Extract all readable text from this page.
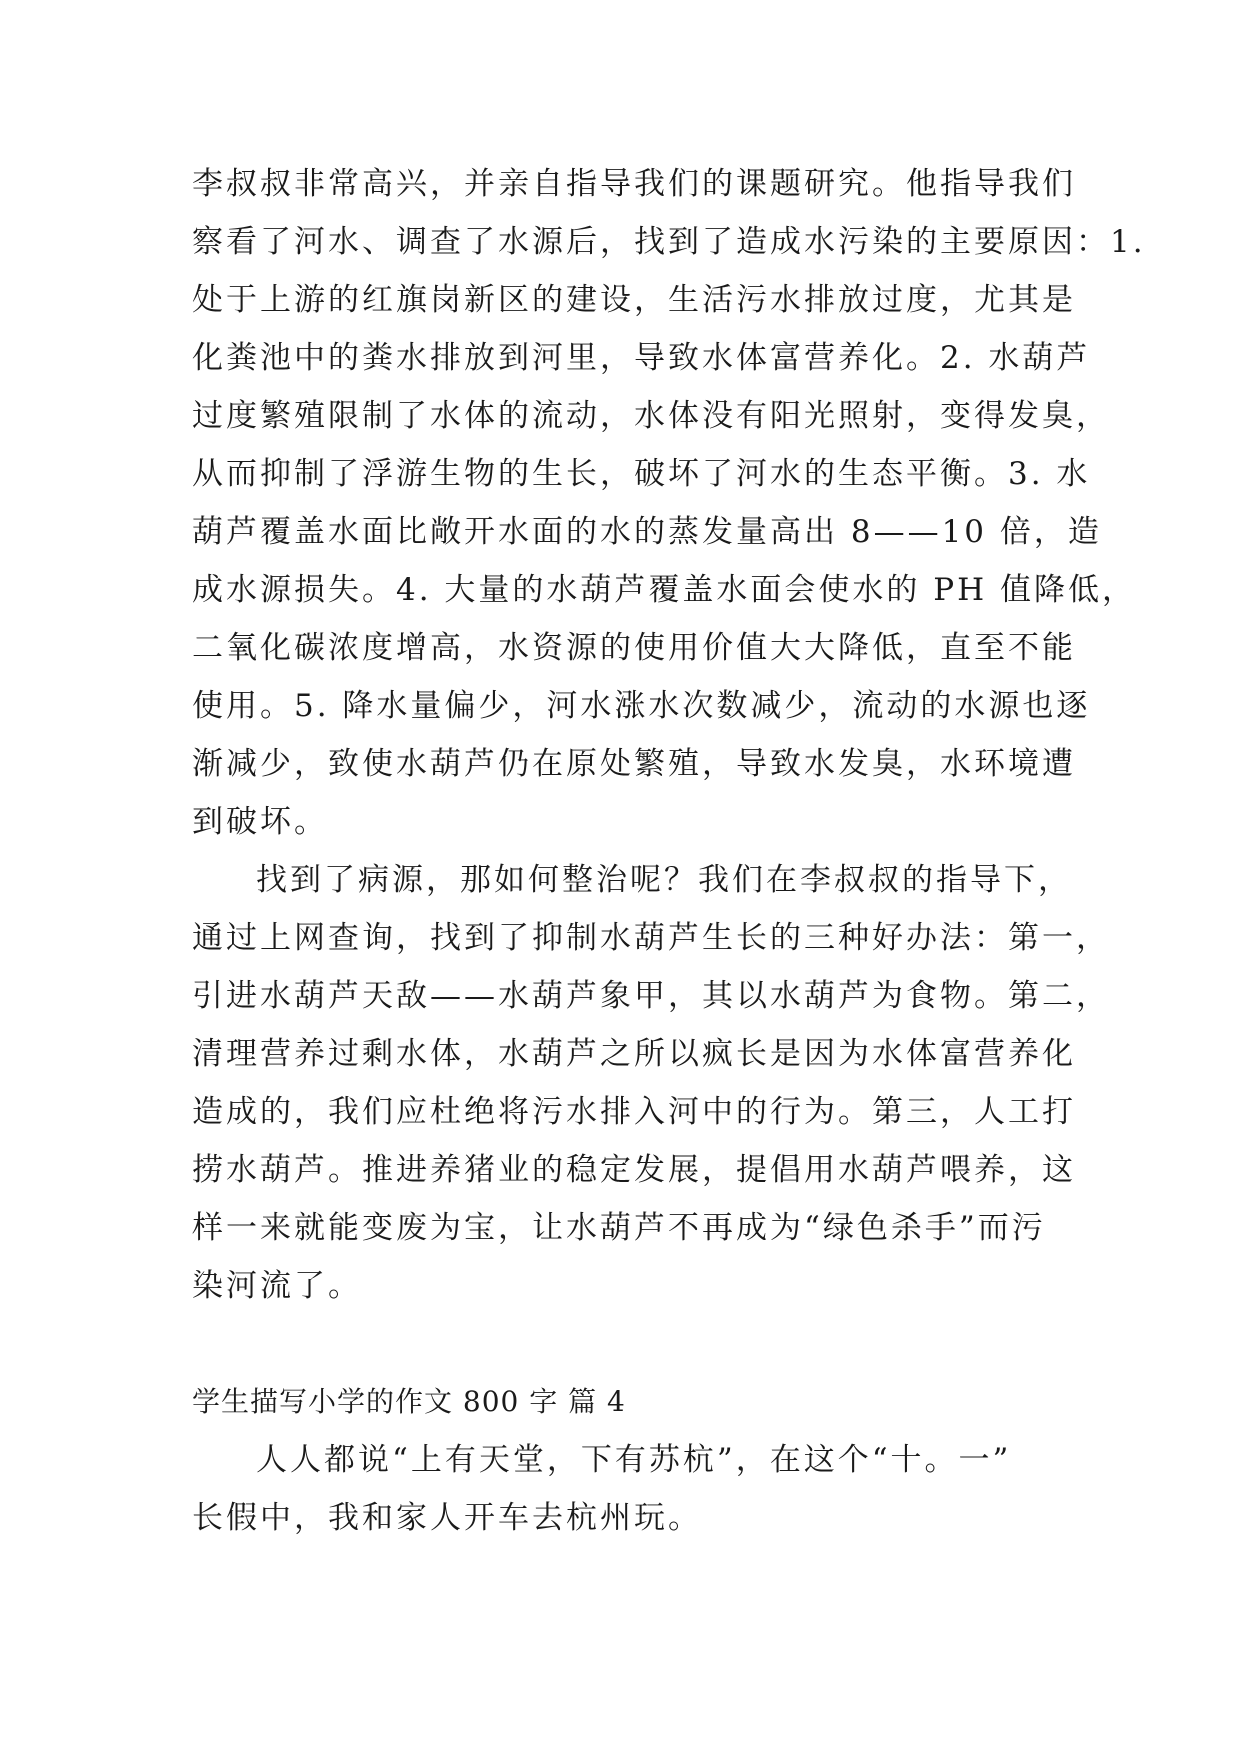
李叔叔非常高兴，并亲自指导我们的课题研究。他指导我们
察看了河水、调查了水源后，找到了造成水污染的主要原因：1.
处于上游的红旗岗新区的建设，生活污水排放过度，尤其是
化粪池中的粪水排放到河里，导致水体富营养化。2. 水葫芦
过度繁殖限制了水体的流动，水体没有阳光照射，变得发臭，
从而抑制了浮游生物的生长，破坏了河水的生态平衡。3. 水
葫芦覆盖水面比敞开水面的水的蒸发量高出 8——10 倍，造
成水源损失。4. 大量的水葫芦覆盖水面会使水的 PH 值降低，
二氧化碳浓度增高，水资源的使用价值大大降低，直至不能
使用。5. 降水量偏少，河水涨水次数减少，流动的水源也逐
渐减少，致使水葫芦仍在原处繁殖，导致水发臭，水环境遭
到破坏。
找到了病源，那如何整治呢？我们在李叔叔的指导下，
通过上网查询，找到了抑制水葫芦生长的三种好办法：第一，
引进水葫芦天敌——水葫芦象甲，其以水葫芦为食物。第二，
清理营养过剩水体，水葫芦之所以疯长是因为水体富营养化
造成的，我们应杜绝将污水排入河中的行为。第三，人工打
捞水葫芦。推进养猪业的稳定发展，提倡用水葫芦喂养，这
样一来就能变废为宝，让水葫芦不再成为“绿色杀手”而污
染河流了。
学生描写小学的作文 800 字 篇 4
人人都说“上有天堂，下有苏杭”，在这个“十。一”
长假中，我和家人开车去杭州玩。
